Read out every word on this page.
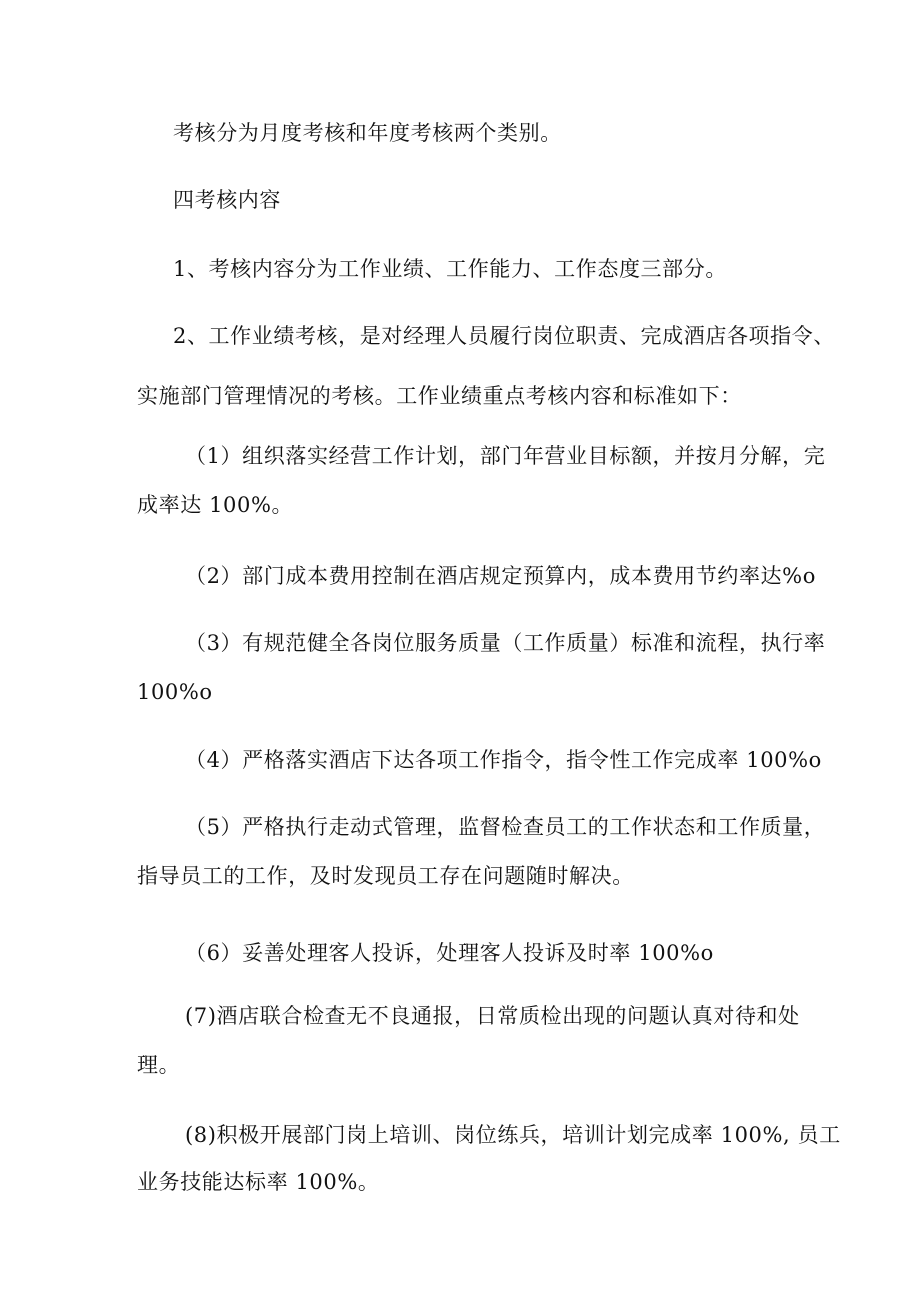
考核分为月度考核和年度考核两个类别。

四考核内容

1、考核内容分为工作业绩、工作能力、工作态度三部分。

2、工作业绩考核，是对经理人员履行岗位职责、完成酒店各项指令、

实施部门管理情况的考核。工作业绩重点考核内容和标准如下：

（1）组织落实经营工作计划，部门年营业目标额，并按月分解，完

成率达 100%。

（2）部门成本费用控制在酒店规定预算内，成本费用节约率达%o

（3）有规范健全各岗位服务质量（工作质量）标准和流程，执行率

100%o

（4）严格落实酒店下达各项工作指令，指令性工作完成率 100%o

（5）严格执行走动式管理，监督检查员工的工作状态和工作质量，

指导员工的工作，及时发现员工存在问题随时解决。

（6）妥善处理客人投诉，处理客人投诉及时率 100%o

(7)酒店联合检查无不良通报，日常质检出现的问题认真对待和处

理。

(8)积极开展部门岗上培训、岗位练兵，培训计划完成率 100%, 员工

业务技能达标率 100%。
